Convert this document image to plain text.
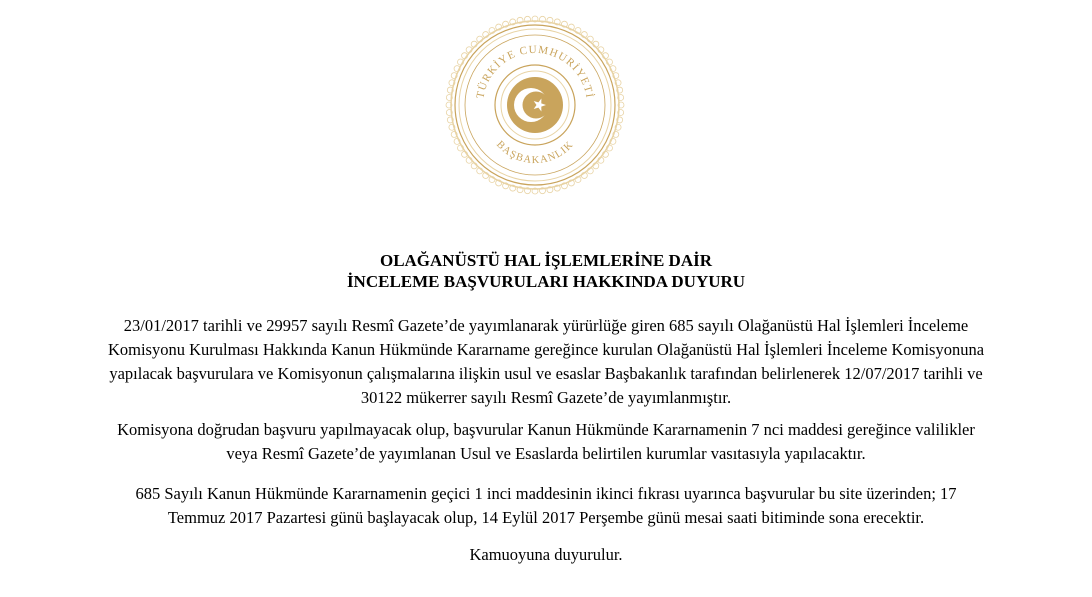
TÜRKİYE CUMHURİYETİ
BAŞBAKANLIK
OLAĞANÜSTÜ HAL İŞLEMLERİNE DAİR
İNCELEME BAŞVURULARI HAKKINDA DUYURU
23/01/2017 tarihli ve 29957 sayılı Resmî Gazete’de yayımlanarak yürürlüğe giren 685 sayılı Olağanüstü Hal İşlemleri İnceleme
Komisyonu Kurulması Hakkında Kanun Hükmünde Kararname gereğince kurulan Olağanüstü Hal İşlemleri İnceleme Komisyonuna
yapılacak başvurulara ve Komisyonun çalışmalarına ilişkin usul ve esaslar Başbakanlık tarafından belirlenerek 12/07/2017 tarihli ve
30122 mükerrer sayılı Resmî Gazete’de yayımlanmıştır.
Komisyona doğrudan başvuru yapılmayacak olup, başvurular Kanun Hükmünde Kararnamenin 7 nci maddesi gereğince valilikler
veya Resmî Gazete’de yayımlanan Usul ve Esaslarda belirtilen kurumlar vasıtasıyla yapılacaktır.
685 Sayılı Kanun Hükmünde Kararnamenin geçici 1 inci maddesinin ikinci fıkrası uyarınca başvurular bu site üzerinden; 17
Temmuz 2017 Pazartesi günü başlayacak olup, 14 Eylül 2017 Perşembe günü mesai saati bitiminde sona erecektir.
Kamuoyuna duyurulur.
